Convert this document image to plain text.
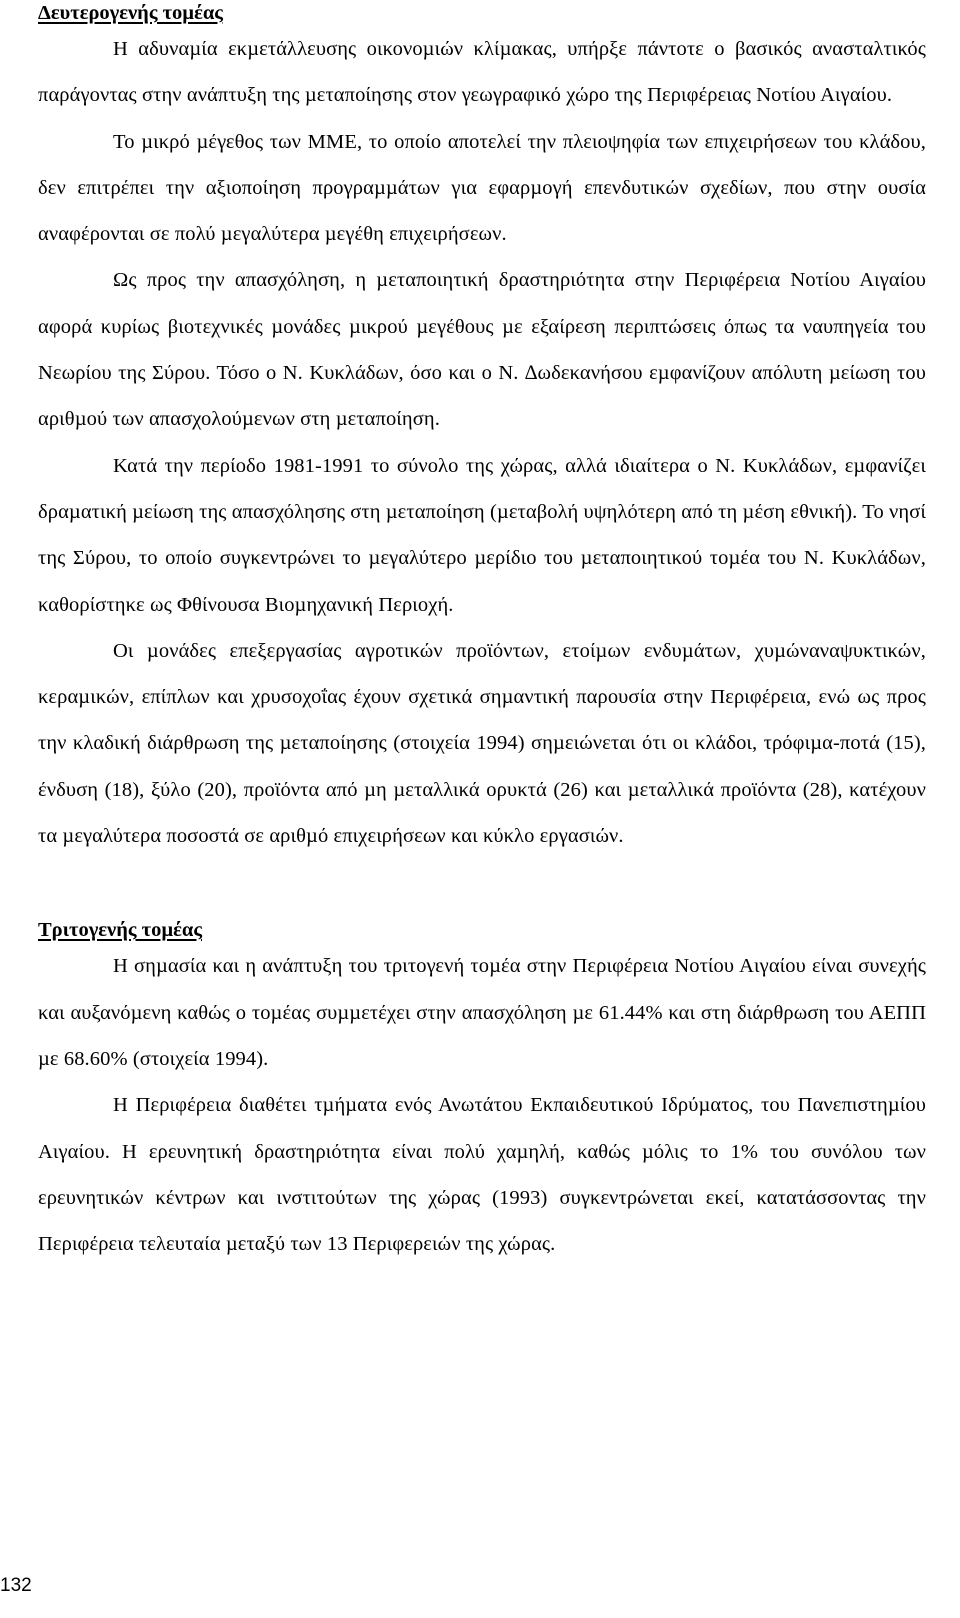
Δευτερογενής τοµέας

Η αδυναµία εκµετάλλευσης οικονοµιών κλίµακας, υπήρξε πάντοτε ο βασικός ανασταλτικός παράγοντας στην ανάπτυξη της µεταποίησης στον γεωγραφικό χώρο της Περιφέρειας Νοτίου Αιγαίου.

Το µικρό µέγεθος των ΜΜΕ, το οποίο αποτελεί την πλειοψηφία των επιχειρήσεων του κλάδου, δεν επιτρέπει την αξιοποίηση προγραµµάτων για εφαρµογή επενδυτικών σχεδίων, που στην ουσία αναφέρονται σε πολύ µεγαλύτερα µεγέθη επιχειρήσεων.

Ως προς την απασχόληση, η µεταποιητική δραστηριότητα στην Περιφέρεια Νοτίου Αιγαίου αφορά κυρίως βιοτεχνικές µονάδες µικρού µεγέθους µε εξαίρεση περιπτώσεις όπως τα ναυπηγεία του Νεωρίου της Σύρου. Τόσο ο Ν. Κυκλάδων, όσο και ο Ν. ∆ωδεκανήσου εµφανίζουν απόλυτη µείωση του αριθµού των απασχολούµενων στη µεταποίηση.

Κατά την περίοδο 1981-1991 το σύνολο της χώρας, αλλά ιδιαίτερα ο Ν. Κυκλάδων, εµφανίζει δραµατική µείωση της απασχόλησης στη µεταποίηση (µεταβολή υψηλότερη από τη µέση εθνική). Το νησί της Σύρου, το οποίο συγκεντρώνει το µεγαλύτερο µερίδιο του µεταποιητικού τοµέα του Ν. Κυκλάδων, καθορίστηκε ως Φθίνουσα Βιοµηχανική Περιοχή.

Οι µονάδες επεξεργασίας αγροτικών προϊόντων, ετοίµων ενδυµάτων, χυµώναναψυκτικών, κεραµικών, επίπλων και χρυσοχοΐας έχουν σχετικά σηµαντική παρουσία στην Περιφέρεια, ενώ ως προς την κλαδική διάρθρωση της µεταποίησης (στοιχεία 1994) σηµειώνεται ότι οι κλάδοι, τρόφιµα-ποτά (15), ένδυση (18), ξύλο (20), προϊόντα από µη µεταλλικά ορυκτά (26) και µεταλλικά προϊόντα (28), κατέχουν τα µεγαλύτερα ποσοστά σε αριθµό επιχειρήσεων και κύκλο εργασιών.

Τριτογενής τοµέας

Η σηµασία και η ανάπτυξη του τριτογενή τοµέα στην Περιφέρεια Νοτίου Αιγαίου είναι συνεχής και αυξανόµενη καθώς ο τοµέας συµµετέχει στην απασχόληση µε 61.44% και στη διάρθρωση του ΑΕΠΠ µε 68.60% (στοιχεία 1994).

Η Περιφέρεια διαθέτει τµήµατα ενός Ανωτάτου Εκπαιδευτικού Ιδρύµατος, του Πανεπιστηµίου Αιγαίου. Η ερευνητική δραστηριότητα είναι πολύ χαµηλή, καθώς µόλις το 1% του συνόλου των ερευνητικών κέντρων και ινστιτούτων της χώρας (1993) συγκεντρώνεται εκεί, κατατάσσοντας την Περιφέρεια τελευταία µεταξύ των 13 Περιφερειών της χώρας.

132
